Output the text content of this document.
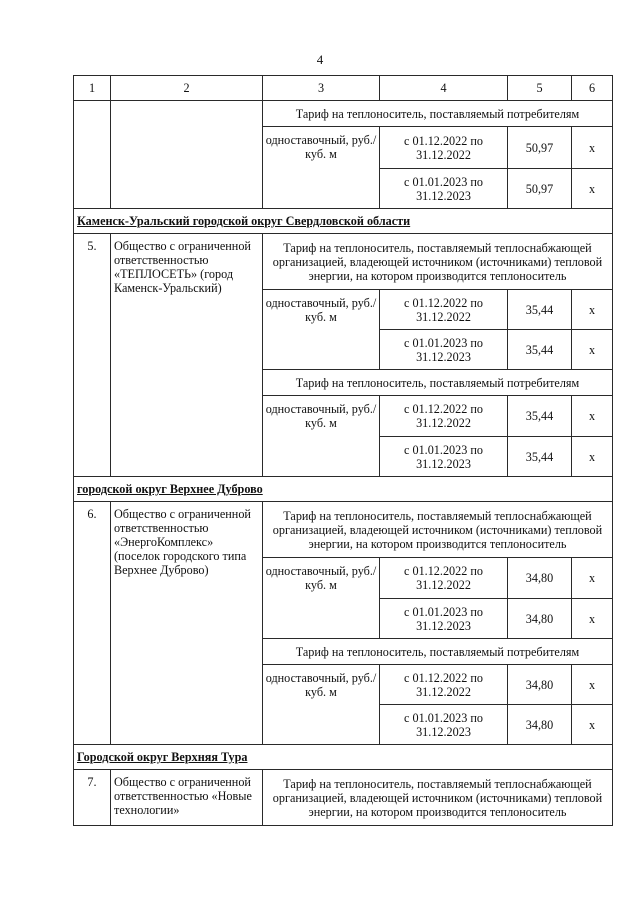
4
1	2	3	4	5	6
		Тариф на теплоноситель, поставляемый потребителям			
		одноставочный, руб./куб. м	с 01.12.2022 по 31.12.2022	50,97	х
			с 01.01.2023 по 31.12.2023	50,97	х
Каменск-Уральский городской округ Свердловской области					
5.	Общество с ограниченной ответственностью «ТЕПЛОСЕТЬ» (город Каменск-Уральский)	Тариф на теплоноситель, поставляемый теплоснабжающей организацией, владеющей источником (источниками) тепловой энергии, на котором производится теплоноситель			
		одноставочный, руб./куб. м	с 01.12.2022 по 31.12.2022	35,44	х
			с 01.01.2023 по 31.12.2023	35,44	х
		Тариф на теплоноситель, поставляемый потребителям			
		одноставочный, руб./куб. м	с 01.12.2022 по 31.12.2022	35,44	х
			с 01.01.2023 по 31.12.2023	35,44	х
городской округ Верхнее Дуброво					
6.	Общество с ограниченной ответственностью «ЭнергоКомплекс» (поселок городского типа Верхнее Дуброво)	Тариф на теплоноситель, поставляемый теплоснабжающей организацией, владеющей источником (источниками) тепловой энергии, на котором производится теплоноситель			
		одноставочный, руб./куб. м	с 01.12.2022 по 31.12.2022	34,80	х
			с 01.01.2023 по 31.12.2023	34,80	х
		Тариф на теплоноситель, поставляемый потребителям			
		одноставочный, руб./куб. м	с 01.12.2022 по 31.12.2022	34,80	х
			с 01.01.2023 по 31.12.2023	34,80	х
Городской округ Верхняя Тура					
7.	Общество с ограниченной ответственностью «Новые технологии»	Тариф на теплоноситель, поставляемый теплоснабжающей организацией, владеющей источником (источниками) тепловой энергии, на котором производится теплоноситель			
